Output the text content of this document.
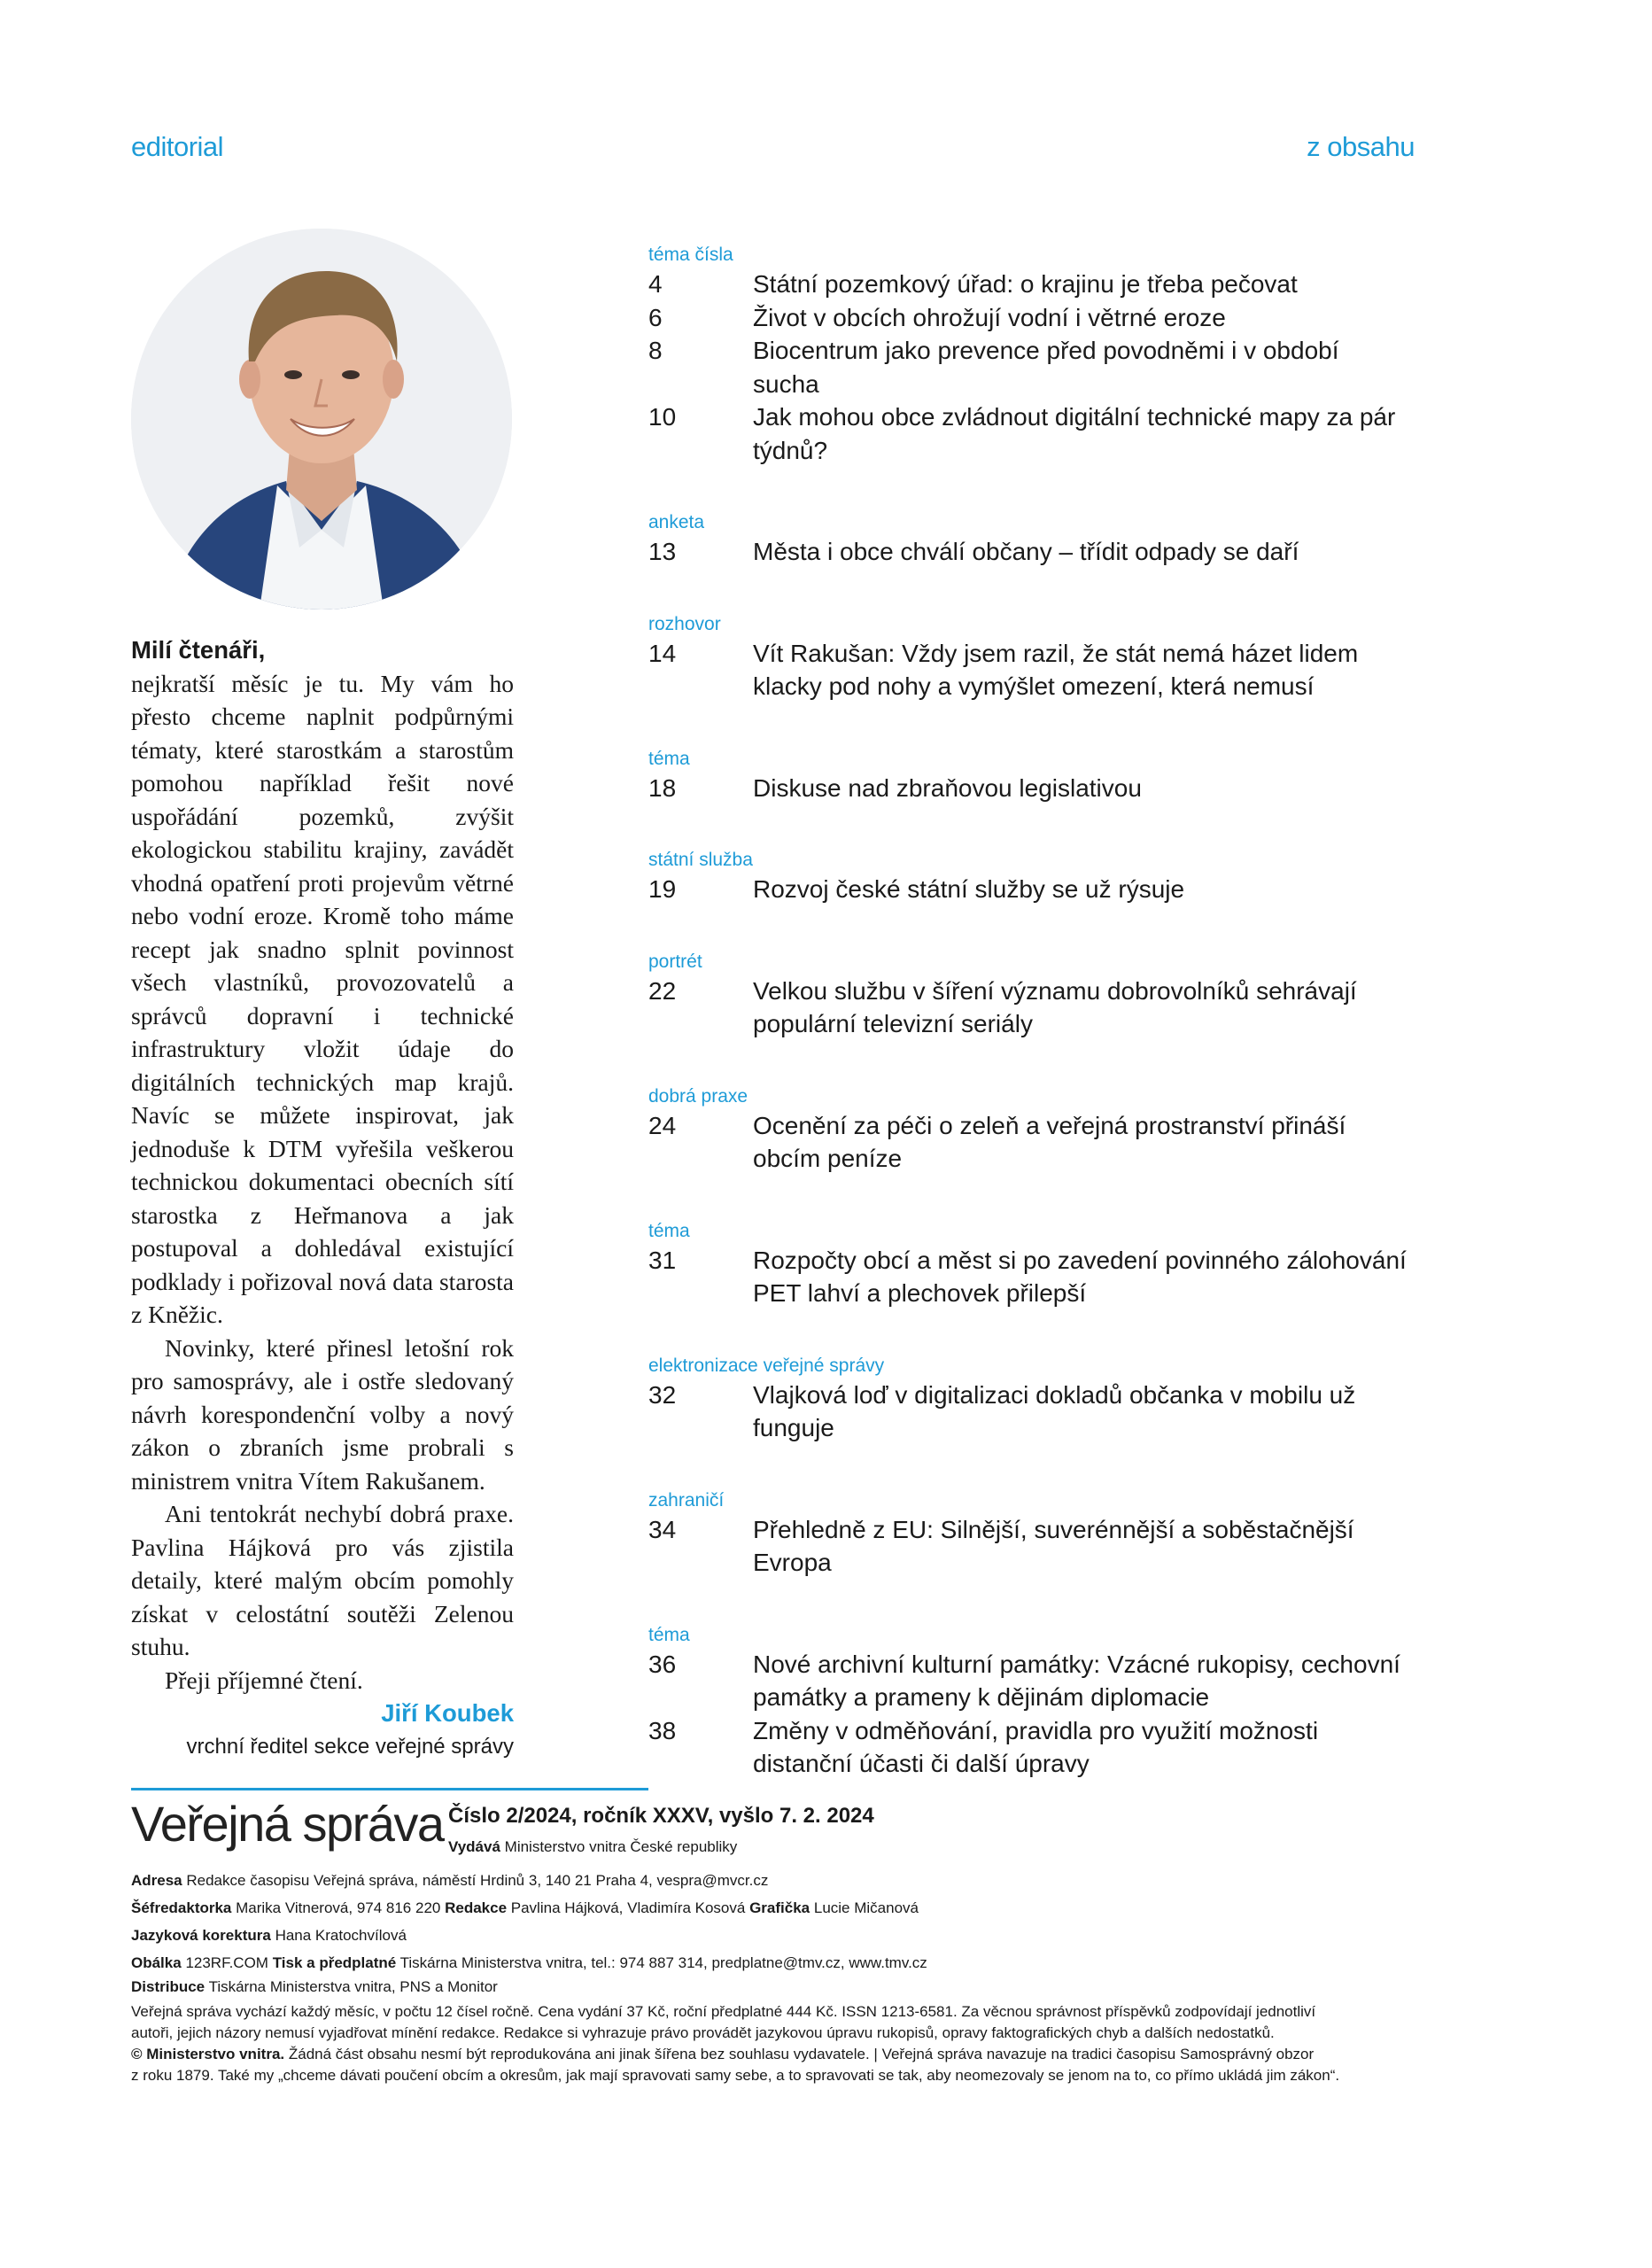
editorial	z obsahu
Milí čtenáři,

nejkratší měsíc je tu. My vám ho přesto chceme naplnit podpůrnými tématy, které starostkám a starostům pomohou například řešit nové uspořádání pozemků, zvýšit ekologickou stabilitu krajiny, zavádět vhodná opatření proti projevům větrné nebo vodní eroze. Kromě toho máme recept jak snadno splnit povinnost všech vlastníků, provozovatelů a správců dopravní i technické infrastruktury vložit údaje do digitálních technických map krajů. Navíc se můžete inspirovat, jak jednoduše k DTM vyřešila veškerou technickou dokumentaci obecních sítí starostka z Heřmanova a jak postupoval a dohledával existující podklady i pořizoval nová data starosta z Kněžic.

Novinky, které přinesl letošní rok pro samosprávy, ale i ostře sledovaný návrh korespondenční volby a nový zákon o zbraních jsme probrali s ministrem vnitra Vítem Rakušanem.

Ani tentokrát nechybí dobrá praxe. Pavlina Hájková pro vás zjistila detaily, které malým obcím pomohly získat v celostátní soutěži Zelenou stuhu.

Přeji příjemné čtení.

Jiří Koubek
vrchní ředitel sekce veřejné správy
téma čísla
4	Státní pozemkový úřad: o krajinu je třeba pečovat
6	Život v obcích ohrožují vodní i větrné eroze
8	Biocentrum jako prevence před povodněmi i v období sucha
10	Jak mohou obce zvládnout digitální technické mapy za pár týdnů?
anketa
13	Města i obce chválí občany – třídit odpady se daří
rozhovor
14	Vít Rakušan: Vždy jsem razil, že stát nemá házet lidem klacky pod nohy a vymýšlet omezení, která nemusí
téma
18	Diskuse nad zbraňovou legislativou
státní služba
19	Rozvoj české státní služby se už rýsuje
portrét
22	Velkou službu v šíření významu dobrovolníků sehrávají populární televizní seriály
dobrá praxe
24	Ocenění za péči o zeleň a veřejná prostranství přináší obcím peníze
téma
31	Rozpočty obcí a měst si po zavedení povinného zálohování PET lahví a plechovek přilepší
elektronizace veřejné správy
32	Vlajková loď v digitalizaci dokladů občanka v mobilu už funguje
zahraničí
34	Přehledně z EU: Silnější, suverénnější a soběstačnější Evropa
téma
36	Nové archivní kulturní památky: Vzácné rukopisy, cechovní památky a prameny k dějinám diplomacie
38	Změny v odměňování, pravidla pro využití možnosti distanční účasti či další úpravy
Veřejná správa Číslo 2/2024, ročník XXXV, vyšlo 7. 2. 2024
Vydává Ministerstvo vnitra České republiky
Adresa Redakce časopisu Veřejná správa, náměstí Hrdinů 3, 140 21 Praha 4, vespra@mvcr.cz
Šéfredaktorka Marika Vitnerová, 974 816 220 Redakce Pavlina Hájková, Vladimíra Kosová Grafička Lucie Mičanová
Jazyková korektura Hana Kratochvílová
Obálka 123RF.COM Tisk a předplatné Tiskárna Ministerstva vnitra, tel.: 974 887 314, predplatne@tmv.cz, www.tmv.cz
Distribuce Tiskárna Ministerstva vnitra, PNS a Monitor
Veřejná správa vychází každý měsíc, v počtu 12 čísel ročně. Cena vydání 37 Kč, roční předplatné 444 Kč. ISSN 1213-6581. Za věcnou správnost příspěvků zodpovídají jednotliví
autoři, jejich názory nemusí vyjadřovat mínění redakce. Redakce si vyhrazuje právo provádět jazykovou úpravu rukopisů, opravy faktografických chyb a dalších nedostatků.
© Ministerstvo vnitra. Žádná část obsahu nesmí být reprodukována ani jinak šířena bez souhlasu vydavatele. | Veřejná správa navazuje na tradici časopisu Samosprávný obzor
z roku 1879. Také my „chceme dávati poučení obcím a okresům, jak mají spravovati samy sebe, a to spravovati se tak, aby neomezovaly se jenom na to, co přímo ukládá jim zákon“.
